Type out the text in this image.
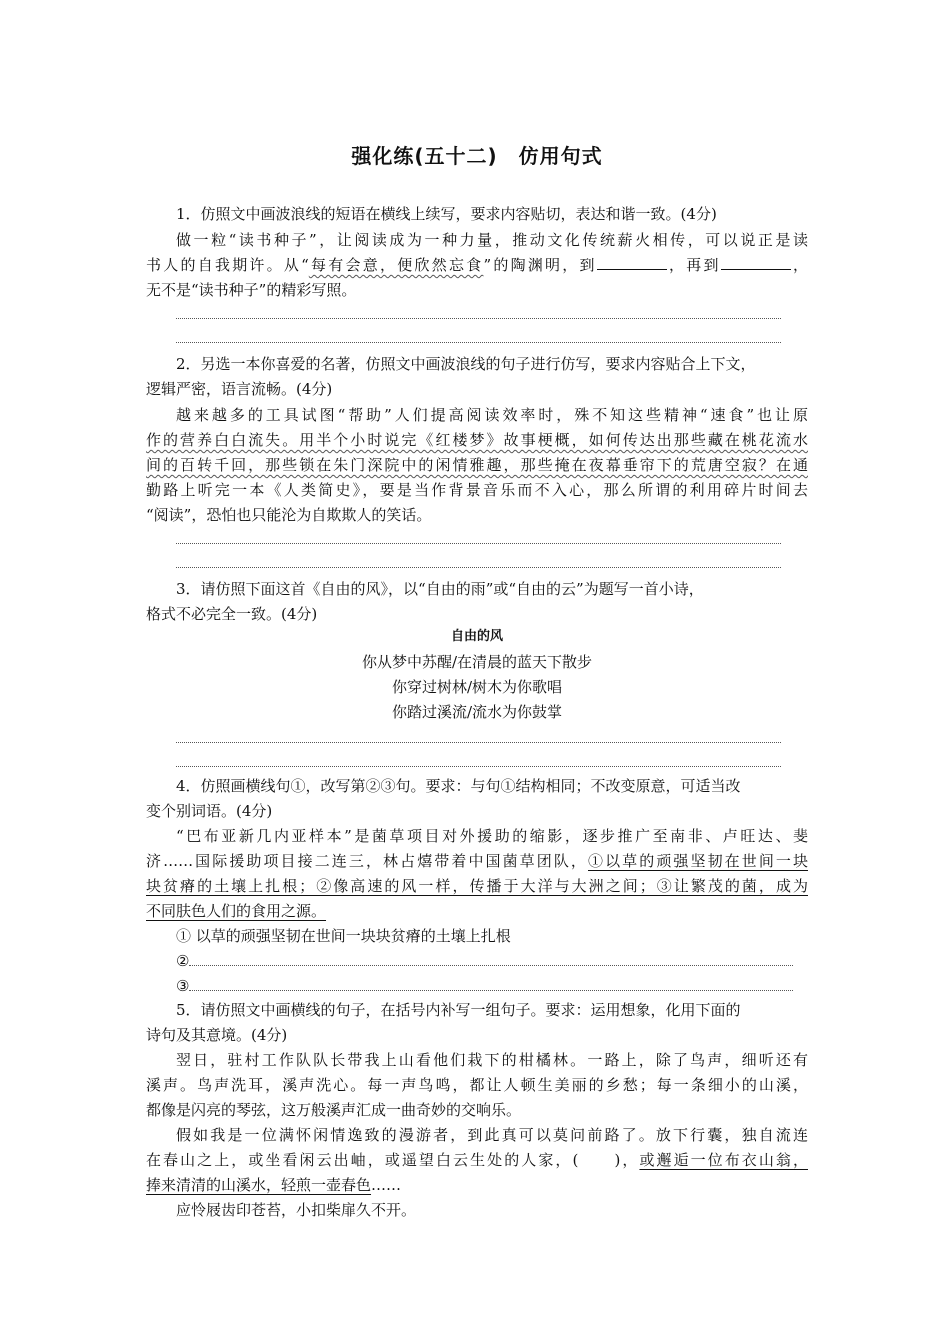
强化练(五十二)　仿用句式
1．仿照文中画波浪线的短语在横线上续写，要求内容贴切，表达和谐一致。(4分)
做一粒“读书种子”，让阅读成为一种力量，推动文化传统薪火相传，可以说正是读
书人的自我期许。从“每有会意，便欣然忘食”的陶渊明，到	，再到	，
无不是“读书种子”的精彩写照。
2．另选一本你喜爱的名著，仿照文中画波浪线的句子进行仿写，要求内容贴合上下文，
逻辑严密，语言流畅。(4分)
越来越多的工具试图“帮助”人们提高阅读效率时，殊不知这些精神“速食”也让原
作的营养白白流失。用半个小时说完《红楼梦》故事梗概，如何传达出那些藏在桃花流水
间的百转千回，那些锁在朱门深院中的闲情雅趣，那些掩在夜幕垂帘下的荒唐空寂？在通
勤路上听完一本《人类简史》，要是当作背景音乐而不入心，那么所谓的利用碎片时间去
“阅读”，恐怕也只能沦为自欺欺人的笑话。
3．请仿照下面这首《自由的风》，以“自由的雨”或“自由的云”为题写一首小诗，
格式不必完全一致。(4分)
自由的风
你从梦中苏醒/在清晨的蓝天下散步
你穿过树林/树木为你歌唱
你踏过溪流/流水为你鼓掌
4．仿照画横线句①，改写第②③句。要求：与句①结构相同；不改变原意，可适当改
变个别词语。(4分)
“巴布亚新几内亚样本”是菌草项目对外援助的缩影，逐步推广至南非、卢旺达、斐
济……国际援助项目接二连三，林占熺带着中国菌草团队，①以草的顽强坚韧在世间一块
块贫瘠的土壤上扎根；②像高速的风一样，传播于大洋与大洲之间；③让繁茂的菌，成为
不同肤色人们的食用之源。
① 以草的顽强坚韧在世间一块块贫瘠的土壤上扎根
②
③
5．请仿照文中画横线的句子，在括号内补写一组句子。要求：运用想象，化用下面的
诗句及其意境。(4分)
翌日，驻村工作队队长带我上山看他们栽下的柑橘林。一路上，除了鸟声，细听还有
溪声。鸟声洗耳，溪声洗心。每一声鸟鸣，都让人顿生美丽的乡愁；每一条细小的山溪，
都像是闪亮的琴弦，这万般溪声汇成一曲奇妙的交响乐。
假如我是一位满怀闲情逸致的漫游者，到此真可以莫问前路了。放下行囊，独自流连
在春山之上，或坐看闲云出岫，或遥望白云生处的人家，(　　)，或邂逅一位布衣山翁，
捧来清清的山溪水，轻煎一壶春色……
应怜屐齿印苍苔，小扣柴扉久不开。
